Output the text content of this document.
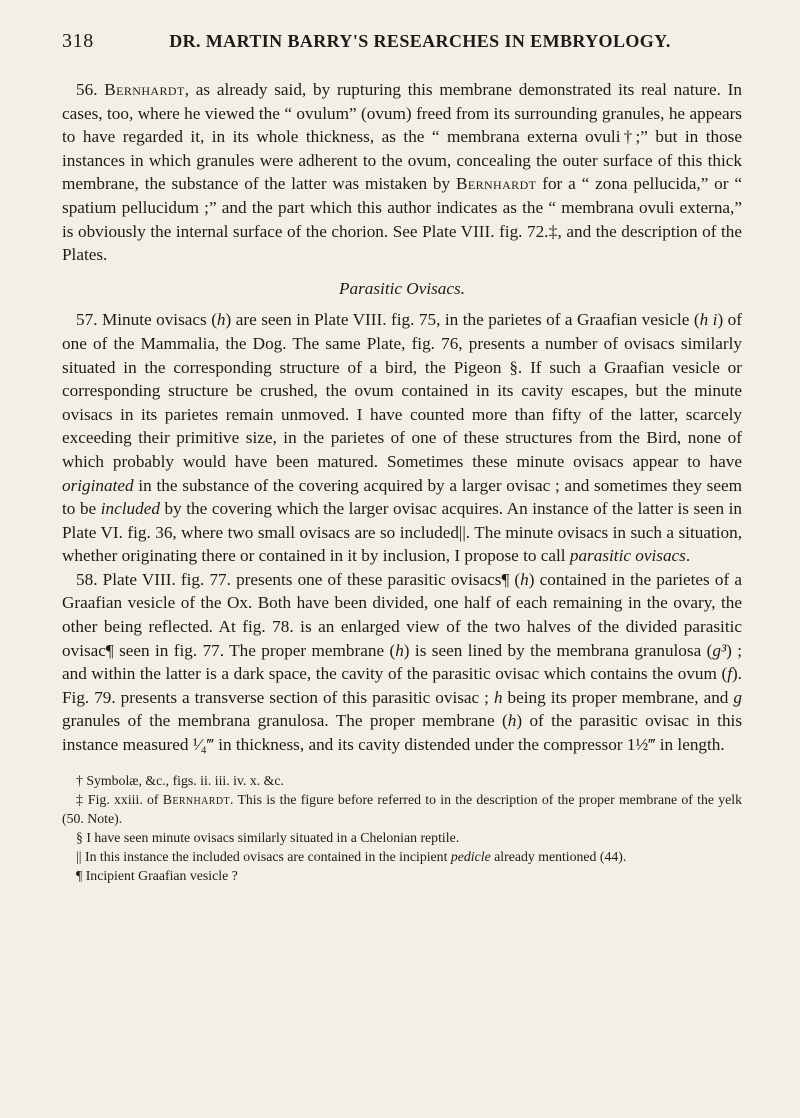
318	DR. MARTIN BARRY'S RESEARCHES IN EMBRYOLOGY.

56. Bernhardt, as already said, by rupturing this membrane demonstrated its real nature. In cases, too, where he viewed the “ ovulum” (ovum) freed from its surrounding granules, he appears to have regarded it, in its whole thickness, as the “ membrana externa ovuli†;” but in those instances in which granules were adherent to the ovum, concealing the outer surface of this thick membrane, the substance of the latter was mistaken by Bernhardt for a “ zona pellucida,” or “ spatium pellucidum ;” and the part which this author indicates as the “ membrana ovuli externa,” is obviously the internal surface of the chorion. See Plate VIII. fig. 72.‡, and the description of the Plates.

Parasitic Ovisacs.

57. Minute ovisacs (h) are seen in Plate VIII. fig. 75, in the parietes of a Graafian vesicle (h i) of one of the Mammalia, the Dog. The same Plate, fig. 76, presents a number of ovisacs similarly situated in the corresponding structure of a bird, the Pigeon §. If such a Graafian vesicle or corresponding structure be crushed, the ovum contained in its cavity escapes, but the minute ovisacs in its parietes remain unmoved. I have counted more than fifty of the latter, scarcely exceeding their primitive size, in the parietes of one of these structures from the Bird, none of which probably would have been matured. Sometimes these minute ovisacs appear to have originated in the substance of the covering acquired by a larger ovisac ; and sometimes they seem to be included by the covering which the larger ovisac acquires. An instance of the latter is seen in Plate VI. fig. 36, where two small ovisacs are so included||. The minute ovisacs in such a situation, whether originating there or contained in it by inclusion, I propose to call parasitic ovisacs.

58. Plate VIII. fig. 77. presents one of these parasitic ovisacs¶ (h) contained in the parietes of a Graafian vesicle of the Ox. Both have been divided, one half of each remaining in the ovary, the other being reflected. At fig. 78. is an enlarged view of the two halves of the divided parasitic ovisac¶ seen in fig. 77. The proper membrane (h) is seen lined by the membrana granulosa (g³) ; and within the latter is a dark space, the cavity of the parasitic ovisac which contains the ovum (f). Fig. 79. presents a transverse section of this parasitic ovisac ; h being its proper membrane, and g granules of the membrana granulosa. The proper membrane (h) of the parasitic ovisac in this instance measured ¹⁄₄‴ in thickness, and its cavity distended under the compressor 1½‴ in length.

† Symbolæ, &c., figs. ii. iii. iv. x. &c.

‡ Fig. xxiii. of Bernhardt. This is the figure before referred to in the description of the proper membrane of the yelk (50. Note).

§ I have seen minute ovisacs similarly situated in a Chelonian reptile.

|| In this instance the included ovisacs are contained in the incipient pedicle already mentioned (44).

¶ Incipient Graafian vesicle ?
